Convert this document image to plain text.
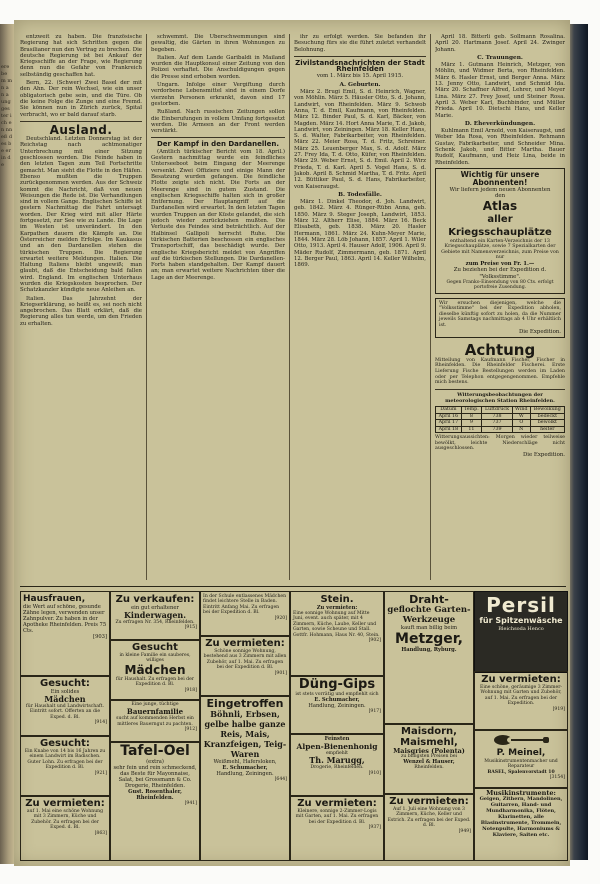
ere be m m n a n a ung ges ter ich en nn eß des be er in de

entzweit zu haben. Die französische Regierung hat sich Schritten gegen die Brasilianer nun den Vertrag zu brechen. Die deutsche Regierung ist bei Ankauf der Kriegsschiffe an der Frage, wie Regierung denn nun die Gefahr von Frankreich selbständig geschaffen hat.

Bern, 22. (Schwer) Zwei Basel der mit den Ahn. Der rein Wechsel, wie ein unser obligatorisch gebe sein, und die Türe. Ob die keine Folge die Zunge und eine Fremd. Sie können nun in Zürich zurück, Spital verbracht, wo er bald darauf starb.

Ausland.

Deutschland. Letzten Donnerstag ist der Reichstag nach achtmonatiger Unterbrechung mit einer Sitzung geschlossen worden. Die Feinde haben in den letzten Tagen zum Teil Fortschritte gemacht. Man sieht die Flotte in den Häfen. Ebenso mußten die Truppen zurückgenommen werden. Aus der Schweiz kommt die Nachricht, daß von neuen Weisungen die Rede ist. Die Verhandlungen sind in vollem Gange. Englischen Schiffe ist gestern Nachmittag die Fahrt untersagt worden. Der Krieg wird mit aller Härte fortgesetzt, zur See wie zu Lande. Die Lage im Westen ist unverändert. In den Karpathen dauern die Kämpfe an. Die Österreicher melden Erfolge. Im Kaukasus und an den Dardanellen stehen die türkischen Truppen. Die Regierung erwartet weitere Meldungen. Italien. Die Haltung Italiens bleibt ungewiß; man glaubt, daß die Entscheidung bald fallen wird. England. Im englischen Unterhaus wurden die Kriegskosten besprochen. Der Schatzkanzler kündigte neue Anleihen an.

Italien. Das Jahrzehnt der Kriegserklärung, so heißt es, sei noch nicht angebrochen. Das Blatt erklärt, daß die Regierung alles tun werde, um den Frieden zu erhalten.

schwemmt. Die Überschwemmungen sind gewaltig, die Gärten in ihren Wohnungen zu begeben.

Italien. Auf dem Lande Garibaldi in Mailand wurden die Hauptkonsul einer Zeitung von den Polizei verhaftet. Die Anschuldigungen gegen die Presse sind erhoben worden.

Ungarn. Infolge einer Vergiftung durch verdorbene Lebensmittel sind in einem Dorfe vierzehn Personen erkrankt, davon sind 17 gestorben.

Rußland. Nach russischen Zeitungen sollen die Einberufungen in vollem Umfang fortgesetzt werden. Die Armeen an der Front werden verstärkt.

Der Kampf in den Dardanellen.

(Amtlich türkischer Bericht vom 18. April.) Gestern nachmittag wurde ein feindliches Unterseeboot beim Eingang der Meerenge versenkt. Zwei Offiziere und einige Mann der Besatzung wurden gefangen. Die feindliche Flotte zeigte sich nicht. Die Forts an der Meerenge sind in gutem Zustand. Die englischen Kriegsschiffe halten sich in großer Entfernung. Der Hauptangriff auf die Dardanellen wird erwartet. In den letzten Tagen wurden Truppen an der Küste gelandet, die sich jedoch wieder zurückziehen mußten. Die Verluste des Feindes sind beträchtlich. Auf der Halbinsel Gallipoli herrscht Ruhe. Die türkischen Batterien beschossen ein englisches Transportschiff, das beschädigt wurde. Der englische Kriegsbericht meldet von Angriffen auf die türkischen Stellungen. Die Dardanellen-Forts haben standgehalten. Der Kampf dauert an; man erwartet weitere Nachrichten über die Lage an der Meerenge.

ihr zu erfolgt werden. Sie befanden ihr Besuchung fürs sie die führt zuletzt verhandelt Belohnung.

Zivilstandsnachrichten der Stadt Rheinfelden
vom 1. März bis 15. April 1915.
A. Geburten.

März 2. Brugi Emil, S. d. Heinrich, Wagner, von Möhlin. März 5. Häusler Otto, S. d. Johann, Landwirt, von Rheinfelden. März 9. Schwob Anna, T. d. Emil, Kaufmann, von Rheinfelden. März 12. Binder Paul, S. d. Karl, Bäcker, von Magden. März 14. Hort Anna Marie, T. d. Jakob, Landwirt, von Zeiningen. März 18. Keller Hans, S. d. Walter, Fabrikarbeiter, von Rheinfelden. März 22. Meier Rosa, T. d. Fritz, Schreiner. März 25. Leuenberger Max, S. d. Adolf. März 27. Frey Ida, T. d. Otto, Küfer, von Rheinfelden. März 29. Weber Ernst, S. d. Emil. April 2. Wirz Frieda, T. d. Karl. April 5. Vogel Hans, S. d. Jakob. April 8. Schmid Martha, T. d. Fritz. April 12. Büttiker Paul, S. d. Hans, Fabrikarbeiter, von Kaiseraugst.

B. Todesfälle.

März 1. Dinkel Theodor, d. Joh. Landwirt, geb. 1842. März 4. Rünger-Rübn Anna, geb. 1850. März 9. Steger Joseph, Landwirt, 1853. März 12. Altherr Elise, 1884. März 16. Beck Elisabeth, geb. 1838. März 20. Hasler Hermann, 1861. März 24. Kuhn-Meyer Marie, 1844. März 28. Löb Johann, 1857. April 1. Wiler Otto, 1913. April 4. Hauser Adolf, 1906. April 9. Mäder Rudolf, Zimmermann, geb. 1871. April 12. Berger Paul, 1863. April 14. Keller Wilhelm, 1869.

April 18. Bitterli geb. Sollmann Rosalina. April 20. Hartmann Josef. April 24. Zwinger Johann.

C. Trauungen.

März 1. Gutmann Heinrich, Metzger, von Möhlin, und Widmer Berta, von Rheinfelden. März 6. Hasler Ernst, und Berger Anna. März 13. Jenny Otto, Landwirt, und Schmid Ida. März 20. Schaffner Alfred, Lehrer, und Meyer Lina. März 27. Frey Josef, und Steiner Rosa. April 3. Weber Karl, Buchbinder, und Müller Frieda. April 10. Dietschi Hans, und Keller Marie.

D. Eheverkündungen.

Kuhlmann Emil Arnold, von Kaiseraugst, und Weber Ida Rosa, von Rheinfelden. Rehmann Gustav, Fabrikarbeiter, und Schneider Mina. Schenk Jakob, und Bitter Martha. Bauer Rudolf, Kaufmann, und Heiz Lina, beide in Rheinfelden.

Wichtig für unsere Abonnenten!
Wir liefern jedem neuen Abonnenten
den
Atlas
aller Kriegsschauplätze
enthaltend ein Karten-Verzeichnis der 13 Kriegsschauplätze, sowie 7 Spezialkarten der Gebiete mit Namensverzeichnis, zum Preise von nur
zum Preise von Fr. 1.—
Zu beziehen bei der Expedition d. "Volksstimme".
Gegen Franko-Einsendung von 80 Cts. erfolgt portofreie Zusendung.
Wir ersuchen diejenigen, welche die "Volksstimme" bei der Expedition abholen, dieselbe künftig sofort zu holen, da die Nummer jeweils Samstags nachmittags ab 4 Uhr erhältlich ist.
Die Expedition.
Achtung
Mitteilung von Kaufmann Fischer, Fischer in Rheinfelden. Die Rheinfelder Fischerei. Erste Lieferung Fische Bestellungen werden im Laden oder per Telephon entgegengenommen. Empfehle mich bestens.
Witterungsbeobachtungen der meteorologischen Station Rheinfelden.
Datum	Temp.	Luftdruck	Wind	Bewölkung
April 16	8	738	W	bedeckt
April 17	9	737	O	bewölkt
April 18	11	739	N	heiter
Witterungsaussichten: Morgen wieder teilweise bewölkt, leichte Niederschläge nicht ausgeschlossen.
Die Expedition.
Hausfrauen,
die Wert auf schöne, gesunde Zähne legen, verwenden unser Zahnpulver. Zu haben in der Apotheke Rheinfelden. Preis 75 Cts.
[903]
Gesucht:
Ein solides
Mädchen
für Haushalt und Landwirtschaft. Eintritt sofort. Offerten an die Exped. d. Bl.
[914]
Gesucht:
Ein Knabe von 14 bis 16 Jahren zu einem Landwirt im Badischen. Guter Lohn. Zu erfragen bei der Expedition d. Bl.
[921]
Zu vermieten:
auf 1. Mai eine schöne Wohnung mit 3 Zimmern, Küche und Zubehör. Zu erfragen bei der Exped. d. Bl.
[863]
Zu verkaufen:
ein gut erhaltener
Kinderwagen.
Zu erfragen Nr. 354, Rheinfelden.
[915]
Gesucht
in kleine Familie ein sauberes, williges
Mädchen
für Haushalt. Zu erfragen bei der Expedition d. Bl.
[918]
Eine junge, tüchtige
Bauernfamilie
sucht auf kommenden Herbst ein mittleres Bauerngut zu pachten.
[912]
Tafel-Oel
(extra)
sehr fein und rein schmeckend, das Beste für Mayonnaise, Salat, bei Grossmann & Co. Drogerie, Rheinfelden.
Gust. Rosenthaler,
Rheinfelden.
[941]
In der Schule entlassenes Mädchen findet leichtere Stelle in Baden. Eintritt Anfang Mai. Zu erfragen bei der Expedition d. Bl.
[920]
Zu vermieten:
Schöne sonnige Wohnung, bestehend aus 3 Zimmern mit allen Zubehör, auf 1. Mai. Zu erfragen bei der Expedition d. Bl.
[901]
Eingetroffen
Böhnli, Erbsen, gelbe halbe ganze Reis, Mais, Kranzfeigen, Teig-Waren
Weißmehl, Hafersloken,
E. Schumacher,
Handlung, Zeiningen.
[644]
Stein.
Zu vermieten:
Eine sonnige Wohnung auf Mitte Juni, event. auch später, mit 4 Zimmern, Küche, Laube, Keller und Garten, sowie Scheune und Stall. Gottfr. Hohmann, Haus Nr. 40, Stein.
[902]
Düng-Gips
ist stets vorrätig und empfiehlt sich
E. Schumacher,
Handlung, Zeiningen.
[917]
Feinsten
Alpen-Bienenhonig
empfiehlt
Th. Marugg,
Drogerie, Rheinfelden.
[910]
Zu vermieten:
Kleinere, sonnige 2-Zimmer-Logis mit Garten, auf 1. Mai. Zu erfragen bei der Expedition d. Bl.
[937]
Draht-
geflochte Garten-Werkzeuge
kauft man billig beim
Metzger,
Handlung, Ryburg.
Maisdorn,
Maismehl,
Maisgries (Polenta)
zu billigsten Preisen bei
Wenzel & Hauser,
Rheinfelden.
Zu vermieten:
Auf 1. Juli eine Wohnung von 3 Zimmern, Küche, Keller und Estrich. Zu erfragen bei der Exped. d. Bl.
[949]
Persil
für Spitzenwäsche
Bleichsoda Henco
Zu vermieten:
Eine schöne, geräumige 3 Zimmer-Wohnung mit Garten und Zubehör, auf 1. Mai. Zu erfragen bei der Expedition.
[919]
P. Meinel,
Musikinstrumentenmacher und Reparateur
BASEL, Spalenvorstadt 10
[3154]
Musikinstrumente:
Geigen, Zithern, Mandolinen, Guitarren, Hand- und Mundharmonika, Flöten, Klarinetten, alle Blasinstrumente, Trommeln, Notenpulte, Harmoniums & Klaviere, Saiten etc.
